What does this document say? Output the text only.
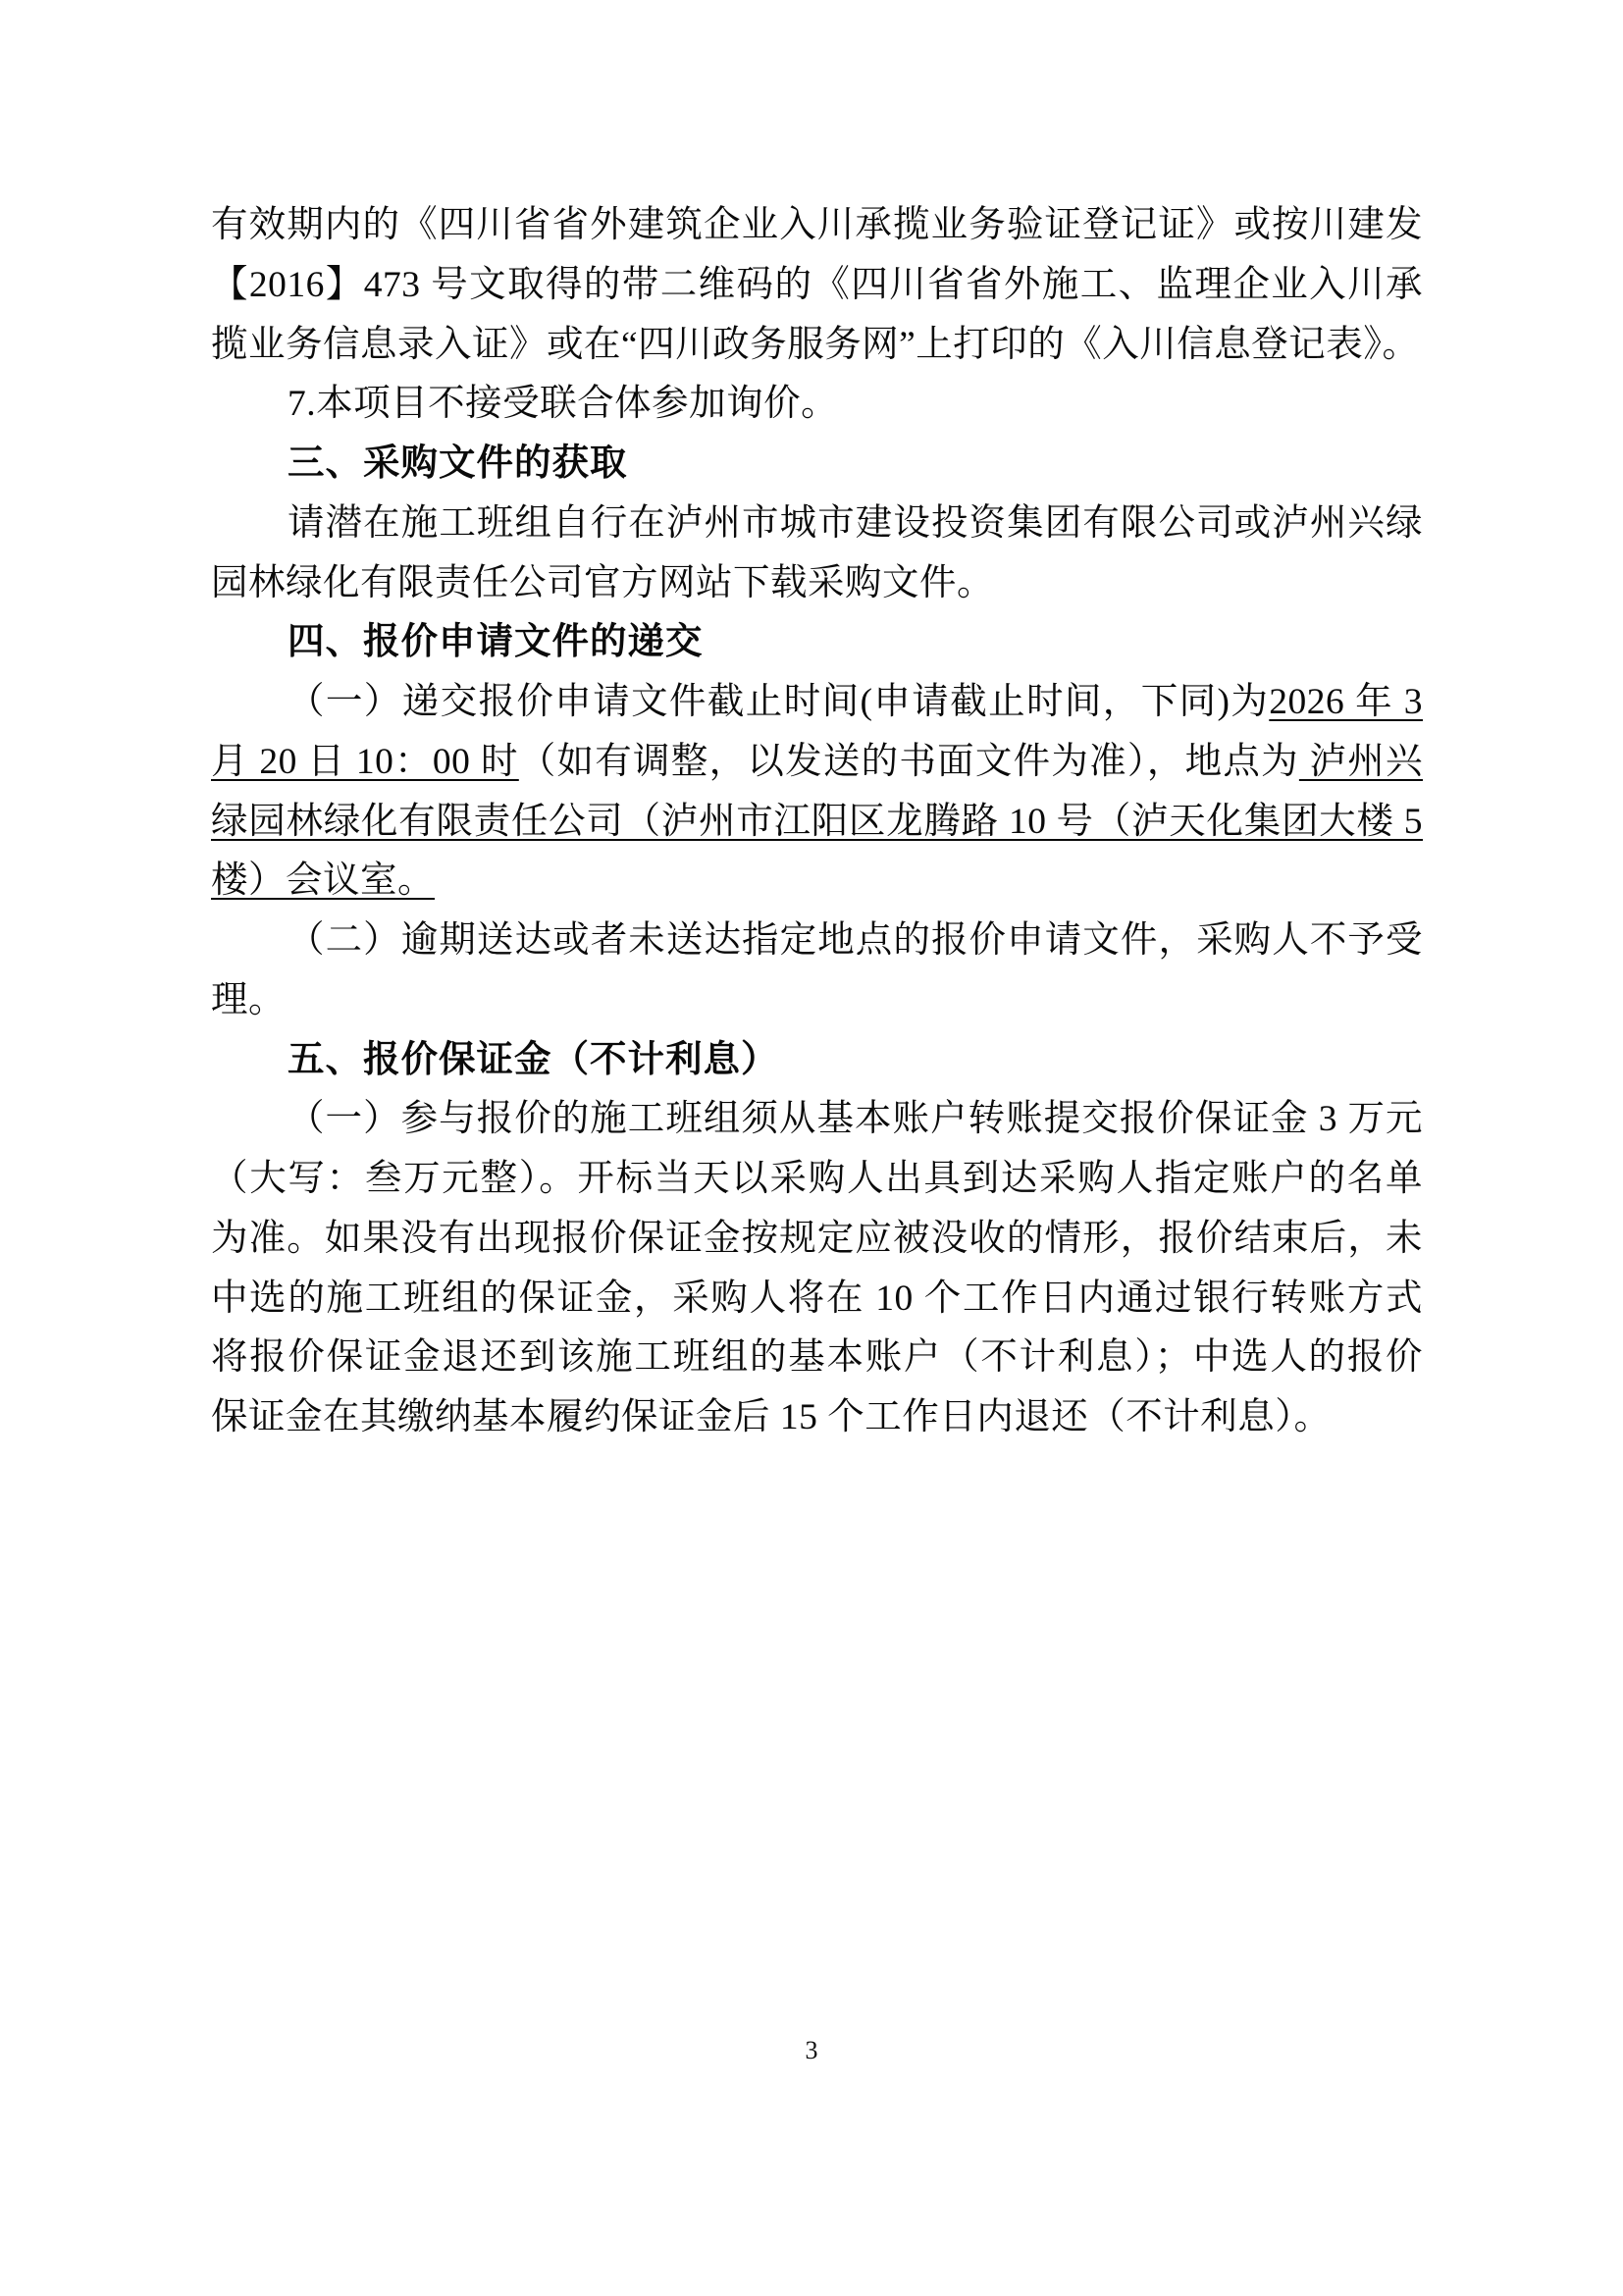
有效期内的《四川省省外建筑企业入川承揽业务验证登记证》或按川建发【2016】473 号文取得的带二维码的《四川省省外施工、监理企业入川承揽业务信息录入证》或在“四川政务服务网”上打印的《入川信息登记表》。

7.本项目不接受联合体参加询价。

三、采购文件的获取

请潜在施工班组自行在泸州市城市建设投资集团有限公司或泸州兴绿园林绿化有限责任公司官方网站下载采购文件。

四、报价申请文件的递交

（一）递交报价申请文件截止时间(申请截止时间，下同)为2026 年 3 月 20 日 10：00 时（如有调整，以发送的书面文件为准），地点为 泸州兴绿园林绿化有限责任公司（泸州市江阳区龙腾路 10 号（泸天化集团大楼 5 楼）会议室。

（二）逾期送达或者未送达指定地点的报价申请文件，采购人不予受理。

五、报价保证金（不计利息）

（一）参与报价的施工班组须从基本账户转账提交报价保证金 3 万元（大写：叁万元整）。开标当天以采购人出具到达采购人指定账户的名单为准。如果没有出现报价保证金按规定应被没收的情形，报价结束后，未中选的施工班组的保证金，采购人将在 10 个工作日内通过银行转账方式将报价保证金退还到该施工班组的基本账户（不计利息）；中选人的报价保证金在其缴纳基本履约保证金后 15 个工作日内退还（不计利息）。

3
